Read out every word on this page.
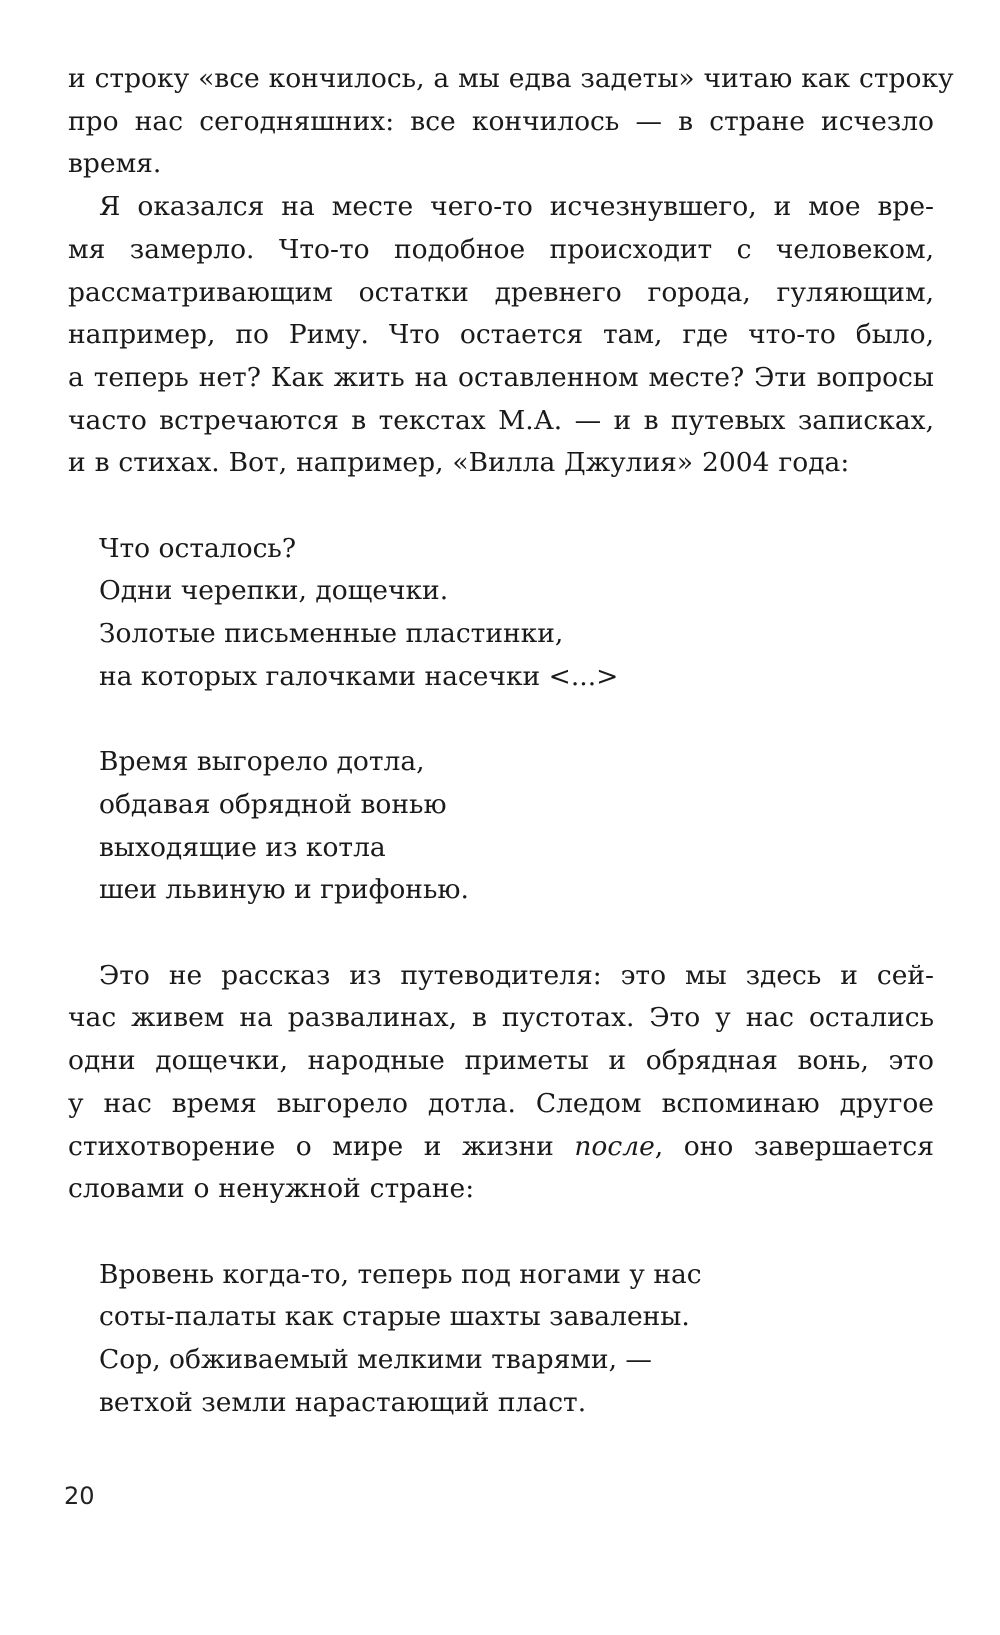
и строку «все кончилось, а мы едва задеты» читаю как строку
про нас сегодняшних: все кончилось — в стране исчезло
время.

Я оказался на месте чего-то исчезнувшего, и мое вре-
мя замерло. Что-то подобное происходит с человеком,
рассматривающим остатки древнего города, гуляющим,
например, по Риму. Что остается там, где что-то было,
а теперь нет? Как жить на оставленном месте? Эти вопросы
часто встречаются в текстах М.А. — и в путевых записках,
и в стихах. Вот, например, «Вилла Джулия» 2004 года:

Что осталось?
Одни черепки, дощечки.
Золотые письменные пластинки,
на которых галочками насечки <...>
Время выгорело дотла,
обдавая обрядной вонью
выходящие из котла
шеи львиную и грифонью.

Это не рассказ из путеводителя: это мы здесь и сей-
час живем на развалинах, в пустотах. Это у нас остались
одни дощечки, народные приметы и обрядная вонь, это
у нас время выгорело дотла. Следом вспоминаю другое
стихотворение о мире и жизни после, оно завершается
словами о ненужной стране:

Вровень когда-то, теперь под ногами у нас
соты-палаты как старые шахты завалены.
Сор, обживаемый мелкими тварями, —
ветхой земли нарастающий пласт.
20
